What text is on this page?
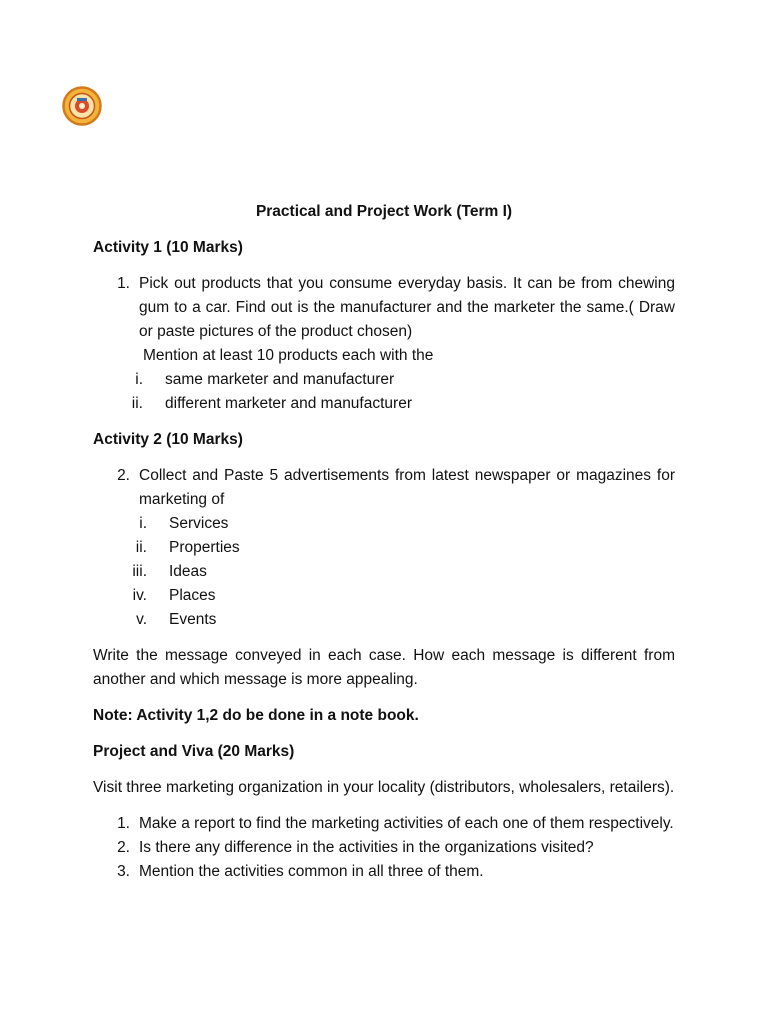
Practical and Project Work (Term I)
Activity 1 (10 Marks)
1. Pick out products that you consume everyday basis. It can be from chewing gum to a car. Find out is the manufacturer and the marketer the same.( Draw or paste pictures of the product chosen)
Mention at least 10 products each with the
i.	same marketer and manufacturer
ii.	different marketer and manufacturer
Activity 2 (10 Marks)
2. Collect and Paste 5 advertisements from latest newspaper or magazines for marketing of
i.	Services
ii.	Properties
iii.	Ideas
iv.	Places
v.	Events
Write the message conveyed in each case. How each message is different from another and which message is more appealing.
Note: Activity 1,2 do be done in a note book.
Project and Viva (20 Marks)
Visit three marketing organization in your locality (distributors, wholesalers, retailers).
1. Make a report to find the marketing activities of each one of them respectively.
2. Is there any difference in the activities in the organizations visited?
3. Mention the activities common in all three of them.
